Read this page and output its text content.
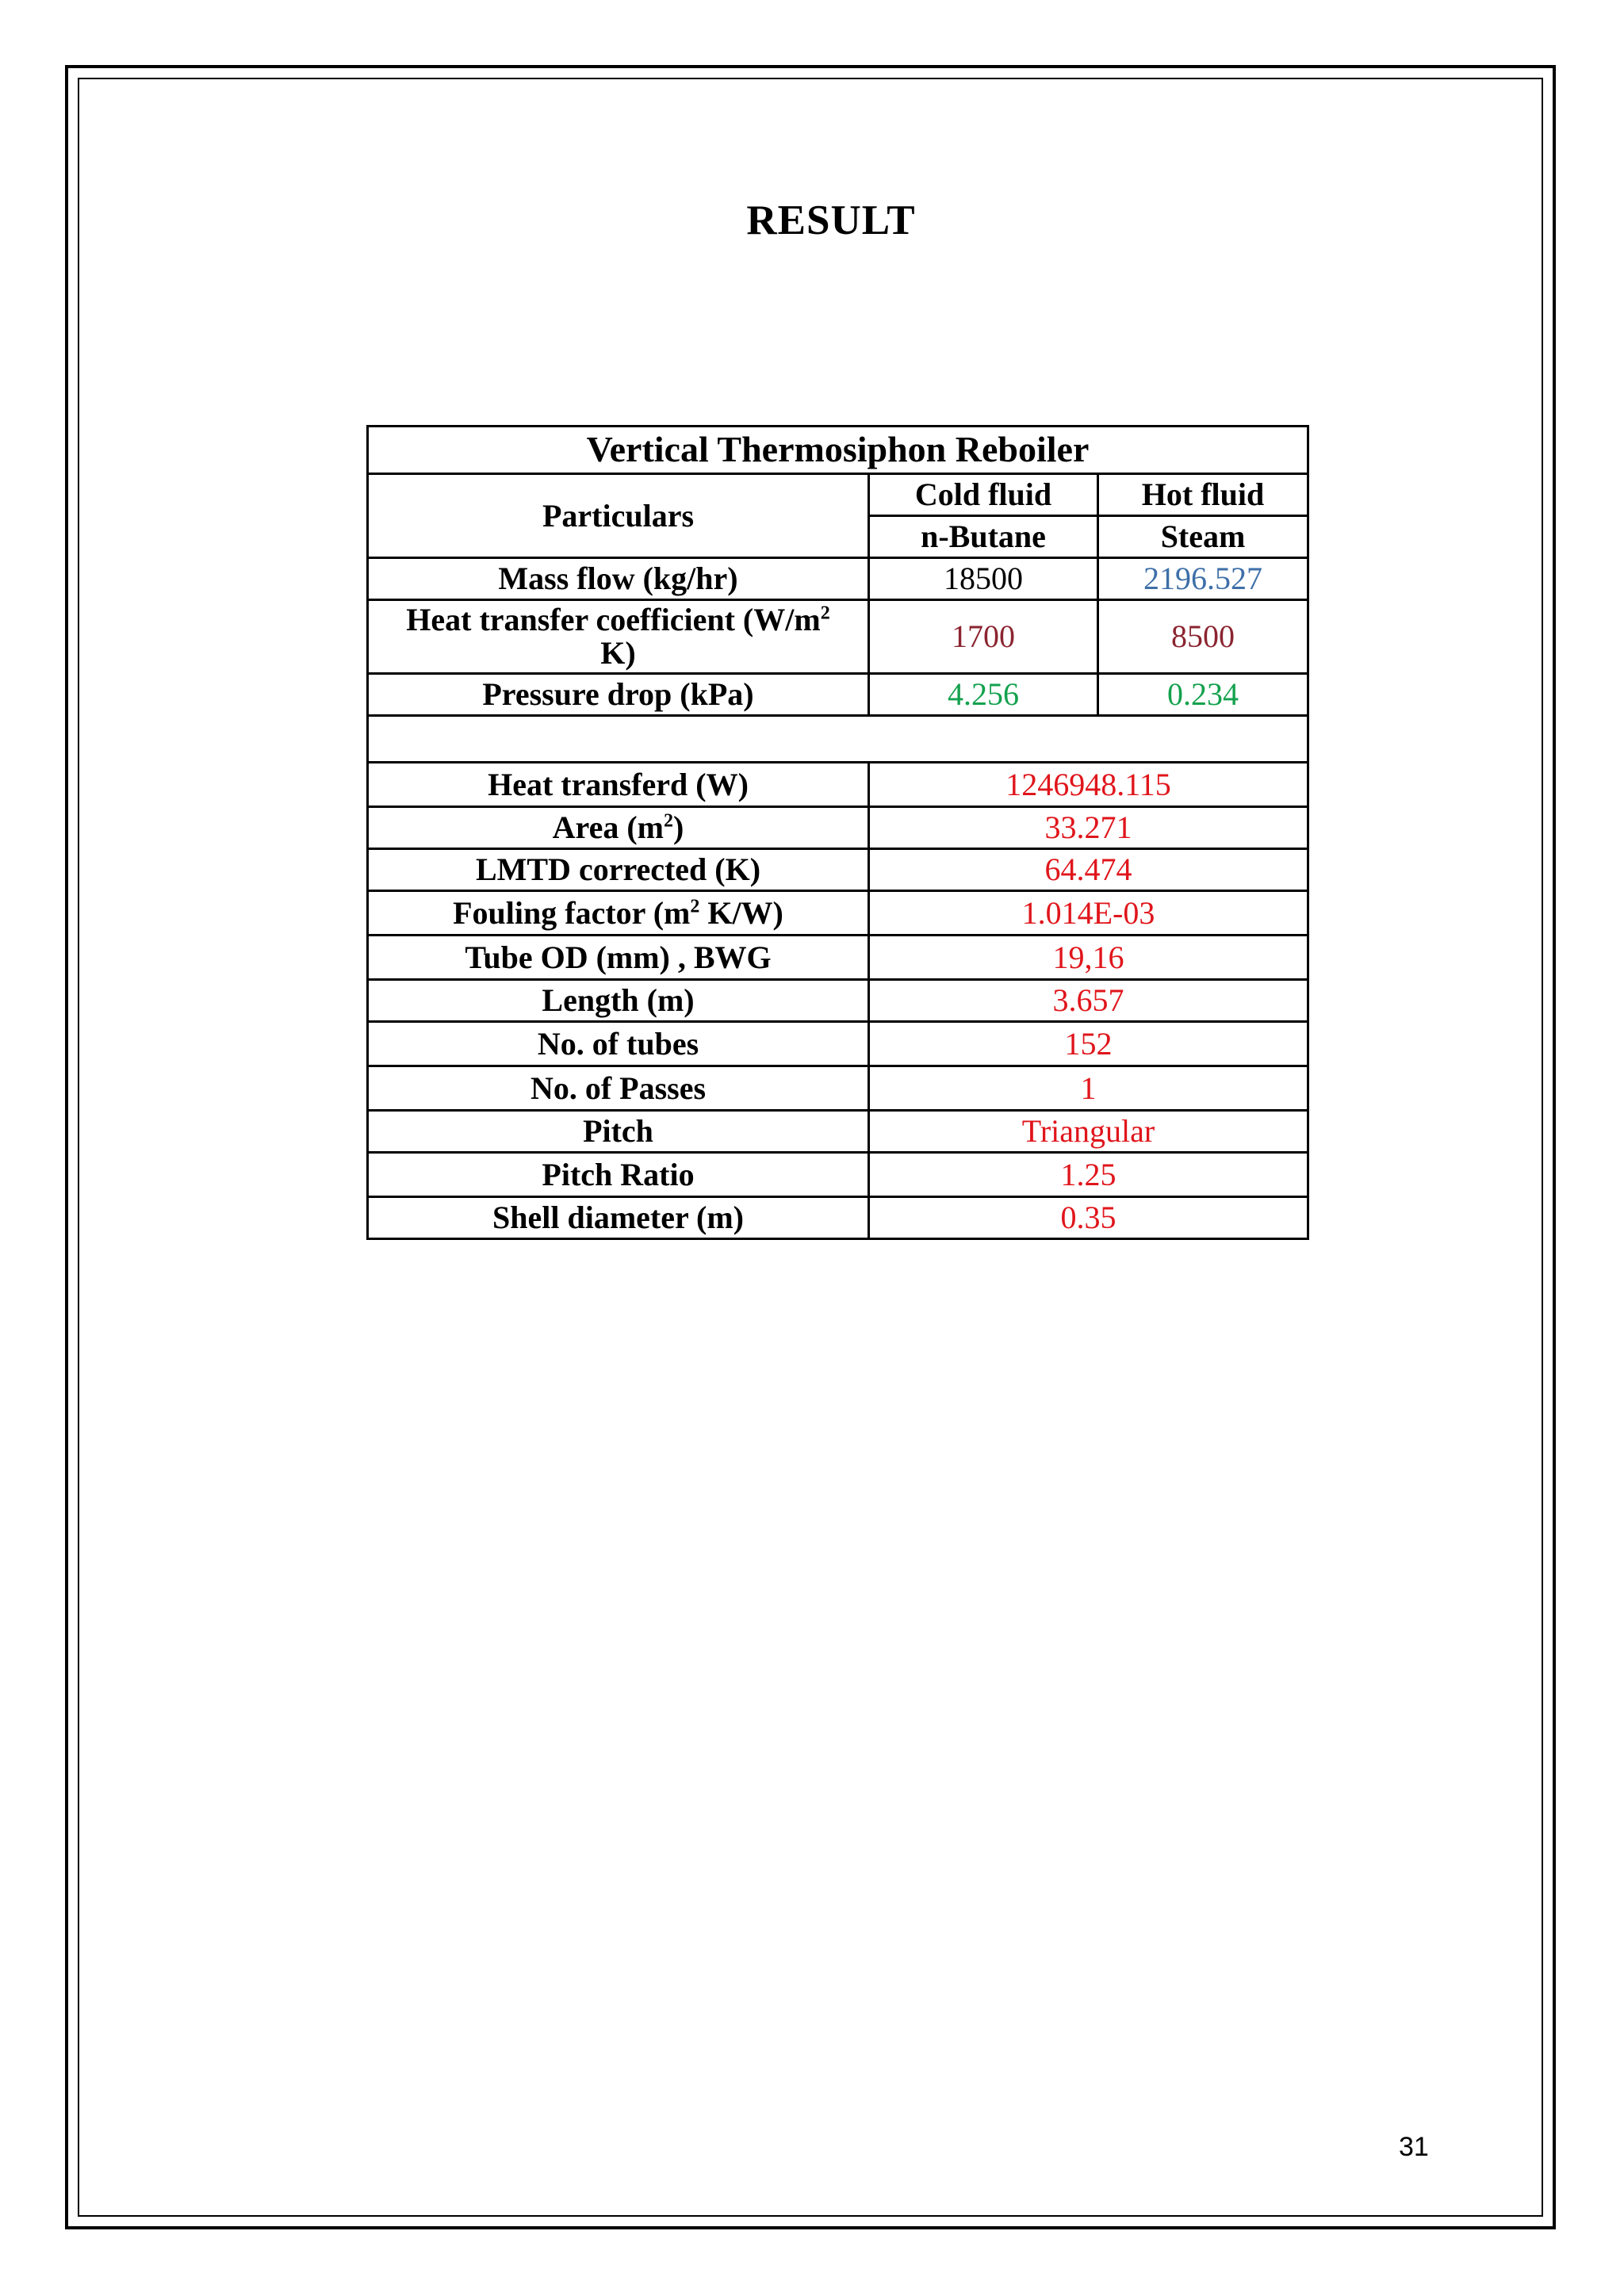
RESULT
Vertical Thermosiphon Reboiler		
Particulars	Cold fluid	Hot fluid
	n-Butane	Steam
Mass flow (kg/hr)	18500	2196.527
Heat transfer coefficient ($W/m^2$
K)	1700	8500
Pressure drop (kPa)	4.256	0.234

Heat transferd (W)	1246948.115	
Area $(m^2)$	33.271	
LMTD corrected (K)	64.474	
Fouling factor ($m^2$ K/W)	1.014E-03	
Tube OD (mm) , BWG	19,16	
Length (m)	3.657	
No. of tubes	152	
No. of Passes	1	
Pitch	Triangular	
Pitch Ratio	1.25	
Shell diameter (m)	0.35	
31
